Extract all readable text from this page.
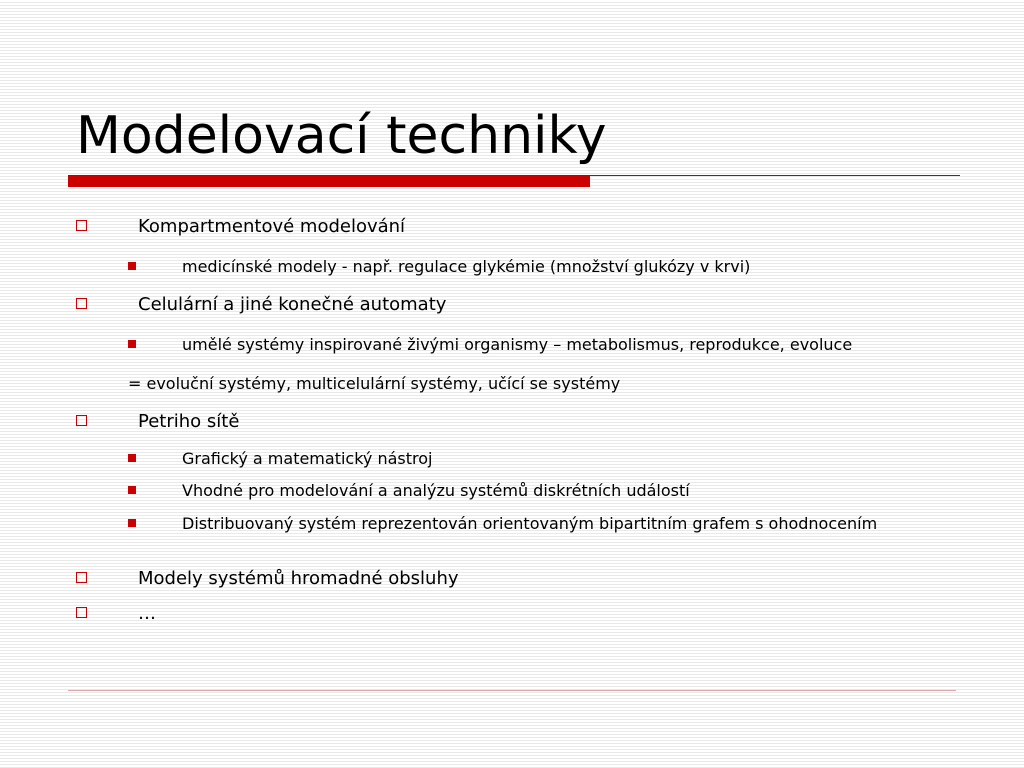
Modelovací techniky
Kompartmentové modelování
medicínské modely - např. regulace glykémie (množství glukózy v krvi)
Celulární a jiné konečné automaty
umělé systémy inspirované živými organismy – metabolismus, reprodukce, evoluce
= evoluční systémy, multicelulární systémy, učící se systémy
Petriho sítě
Grafický a matematický nástroj
Vhodné pro modelování a analýzu systémů diskrétních událostí
Distribuovaný systém reprezentován orientovaným bipartitním grafem s ohodnocením
Modely systémů hromadné obsluhy
…
